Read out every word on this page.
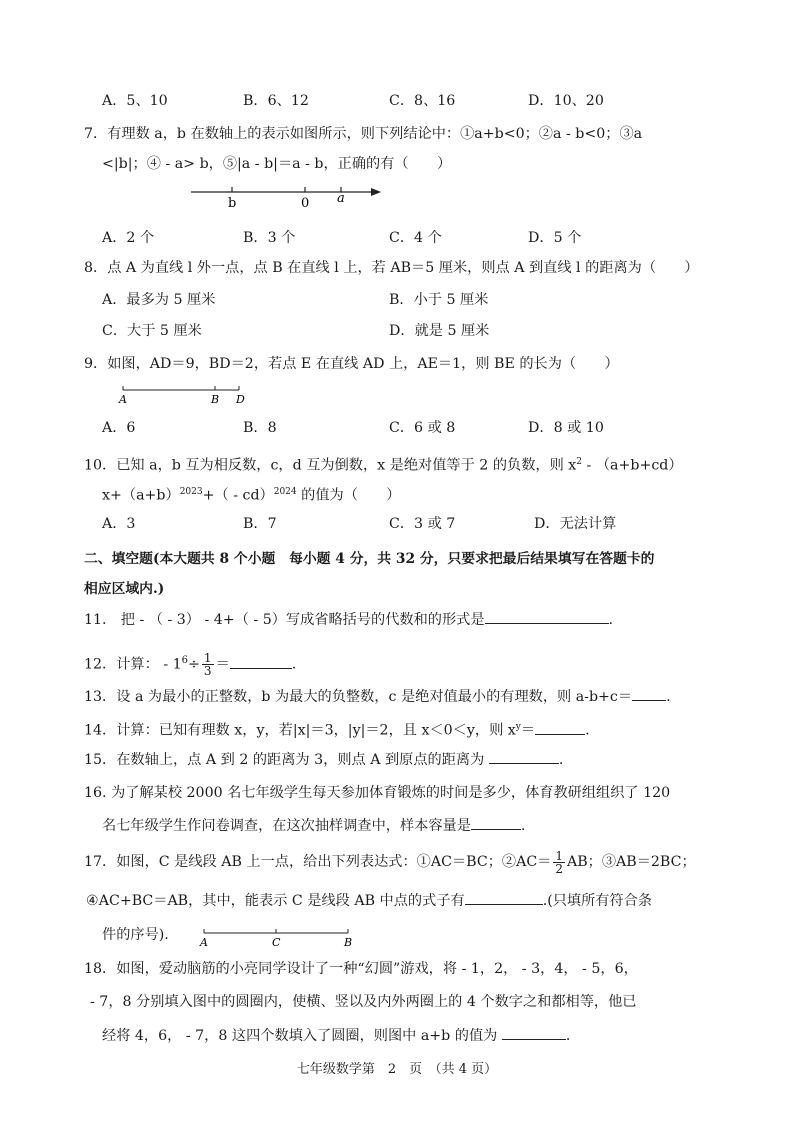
A．5、10	B．6、12	C．8、16	D．10、20
7．有理数 a，b 在数轴上的表示如图所示，则下列结论中：①a+b<0；②a - b<0；③a
<|b|；④ - a> b，⑤|a - b|＝a - b，正确的有（　　）
b	0 a
A．2 个	B．3 个	C．4 个	D．5 个
8．点 A 为直线 l 外一点，点 B 在直线 l 上，若 AB＝5 厘米，则点 A 到直线 l 的距离为（　　）
A．最多为 5 厘米	B．小于 5 厘米
C．大于 5 厘米	D．就是 5 厘米
9．如图，AD＝9，BD＝2，若点 E 在直线 AD 上，AE＝1，则 BE 的长为（　　）
A	B D
A．6	B．8	C．6 或 8	D．8 或 10
10．已知 a，b 互为相反数，c，d 互为倒数，x 是绝对值等于 2 的负数，则 $x^2 - (a+b+cd)$
$x+(a+b)^{2023}+( - cd)^{2024}$ 的值为（　　）
A．3	B．7	C．3 或 7	D．无法计算
二、填空题(本大题共 8 个小题　每小题 4 分，共 32 分，只要求把最后结果填写在答题卡的
相应区域内.)
11.　把 - （ - 3） - 4+（ - 5）写成省略括号的代数和的形式是	.
12．计算： - $1^6\div \frac{1}{3}$ ＝	.
13．设 a 为最小的正整数，b 为最大的负整数，c 是绝对值最小的有理数，则 a-b+c＝ .
14．计算：已知有理数 x，y，若|x|＝3，|y|＝2，且 x＜0＜y，则 $x^y=$	.
15．在数轴上，点 A 到 2 的距离为 3，则点 A 到原点的距离为	.
16. 为了解某校 2000 名七年级学生每天参加体育锻炼的时间是多少，体育教研组组织了 120
名七年级学生作问卷调查，在这次抽样调查中，样本容量是	.
17．如图，C 是线段 AB 上一点，给出下列表达式：①AC＝BC；②AC＝ $\frac{1}{2}$ AB；③AB＝2BC；
④AC+BC＝AB，其中，能表示 C 是线段 AB 中点的式子有	.(只填所有符合条
件的序号).	A	C	B
18．如图，爱动脑筋的小亮同学设计了一种“幻圆”游戏，将 - 1，2， - 3，4， - 5，6，
- 7，8 分别填入图中的圆圈内，使横、竖以及内外两圈上的 4 个数字之和都相等，他已
经将 4，6， - 7，8 这四个数填入了圆圈，则图中 a+b 的值为	.
七年级数学第　2　页　（共 4 页）
